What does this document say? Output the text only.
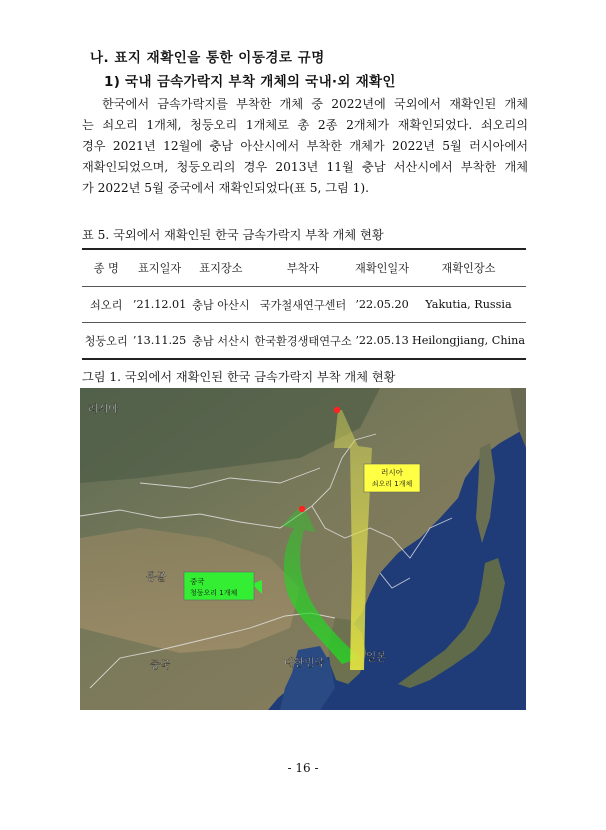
나. 표지 재확인을 통한 이동경로 규명
1) 국내 금속가락지 부착 개체의 국내·외 재확인
한국에서 금속가락지를 부착한 개체 중 2022년에 국외에서 재확인된 개체
는 쇠오리 1개체, 청둥오리 1개체로 총 2종 2개체가 재확인되었다. 쇠오리의
경우 2021년 12월에 충남 아산시에서 부착한 개체가 2022년 5월 러시아에서
재확인되었으며, 청둥오리의 경우 2013년 11월 충남 서산시에서 부착한 개체
가 2022년 5월 중국에서 재확인되었다(표 5, 그림 1).
표 5. 국외에서 재확인된 한국 금속가락지 부착 개체 현황
종 명	표지일자	표지장소	부착자	재확인일자	재확인장소
쇠오리	’21.12.01	충남 아산시	국가철새연구센터	’22.05.20	Yakutia, Russia
청둥오리	’13.11.25	충남 서산시	한국환경생태연구소	’22.05.13	Heilongjiang, China
그림 1. 국외에서 재확인된 한국 금속가락지 부착 개체 현황
러시아
쇠오리 1개체
중국
청둥오리 1개체
러시아
몽골
중국	대한민국	일본
- 16 -
